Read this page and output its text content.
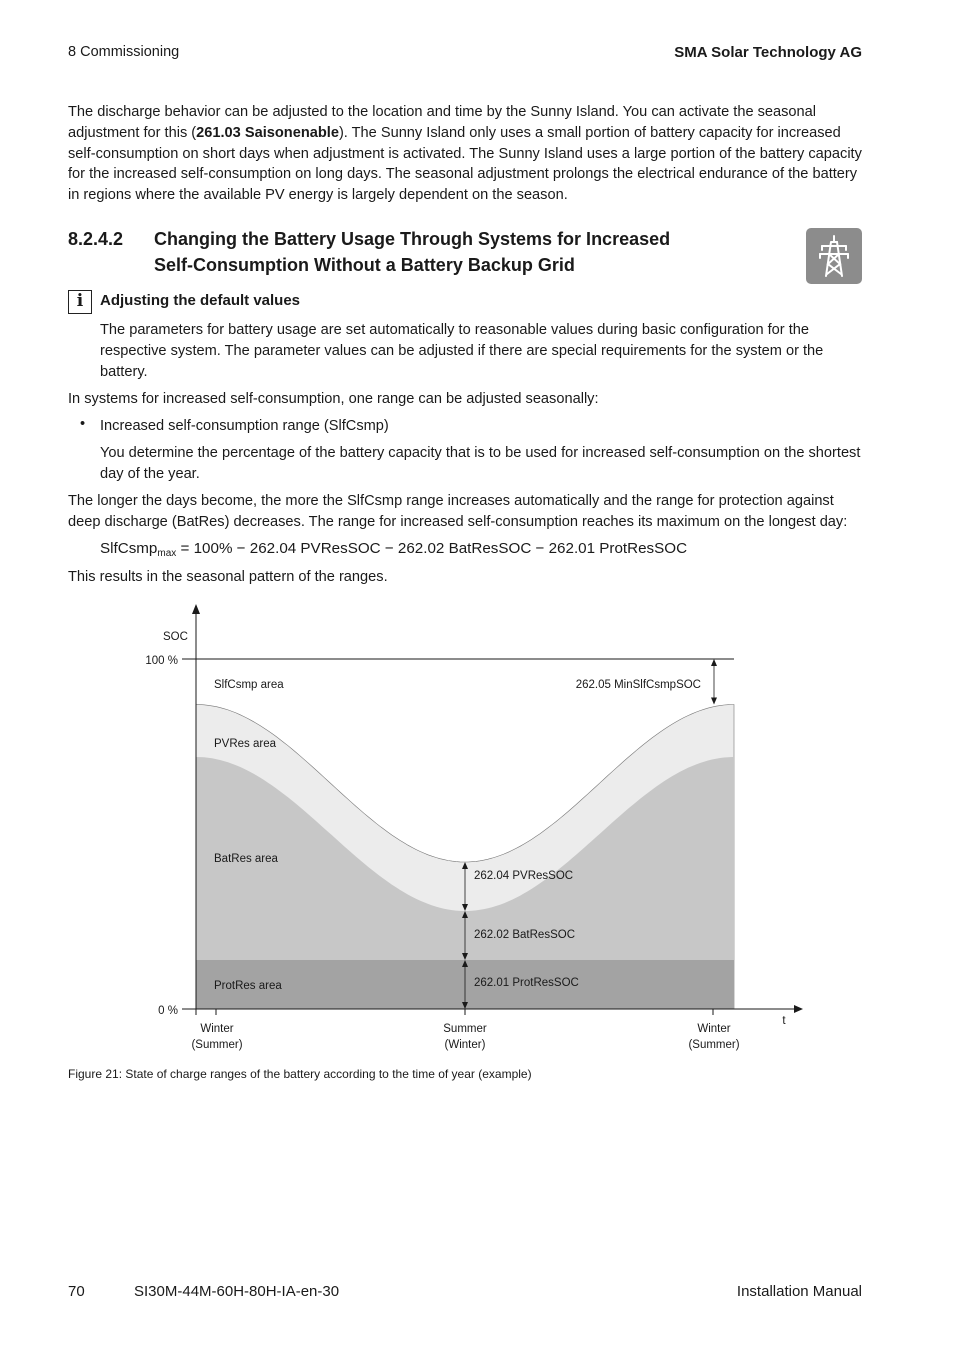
8 Commissioning	SMA Solar Technology AG
The discharge behavior can be adjusted to the location and time by the Sunny Island. You can activate the seasonal adjustment for this (261.03 Saisonenable). The Sunny Island only uses a small portion of battery capacity for increased self-consumption on short days when adjustment is activated. The Sunny Island uses a large portion of the battery capacity for the increased self-consumption on long days. The seasonal adjustment prolongs the electrical endurance of the battery in regions where the available PV energy is largely dependent on the season.
8.2.4.2 Changing the Battery Usage Through Systems for Increased Self-Consumption Without a Battery Backup Grid
i	Adjusting the default values
The parameters for battery usage are set automatically to reasonable values during basic configuration for the respective system. The parameter values can be adjusted if there are special requirements for the system or the battery.
In systems for increased self-consumption, one range can be adjusted seasonally:
• Increased self-consumption range (SlfCsmp)
You determine the percentage of the battery capacity that is to be used for increased self-consumption on the shortest day of the year.
The longer the days become, the more the SlfCsmp range increases automatically and the range for protection against deep discharge (BatRes) decreases. The range for increased self-consumption reaches its maximum on the longest day:
SlfCsmp$_{max}$ = 100% − 262.04 PVResSOC − 262.02 BatResSOC − 262.01 ProtResSOC
This results in the seasonal pattern of the ranges.
SOC
100 %
0 %
t
Winter
(Summer)
Summer
(Winter)
Winter
(Summer)
SlfCsmp area
PVRes area
BatRes area
ProtRes area
262.05 MinSlfCsmpSOC
262.04 PVResSOC
262.02 BatResSOC
262.01 ProtResSOC
Figure 21: State of charge ranges of the battery according to the time of year (example)
70	SI30M-44M-60H-80H-IA-en-30	Installation Manual
